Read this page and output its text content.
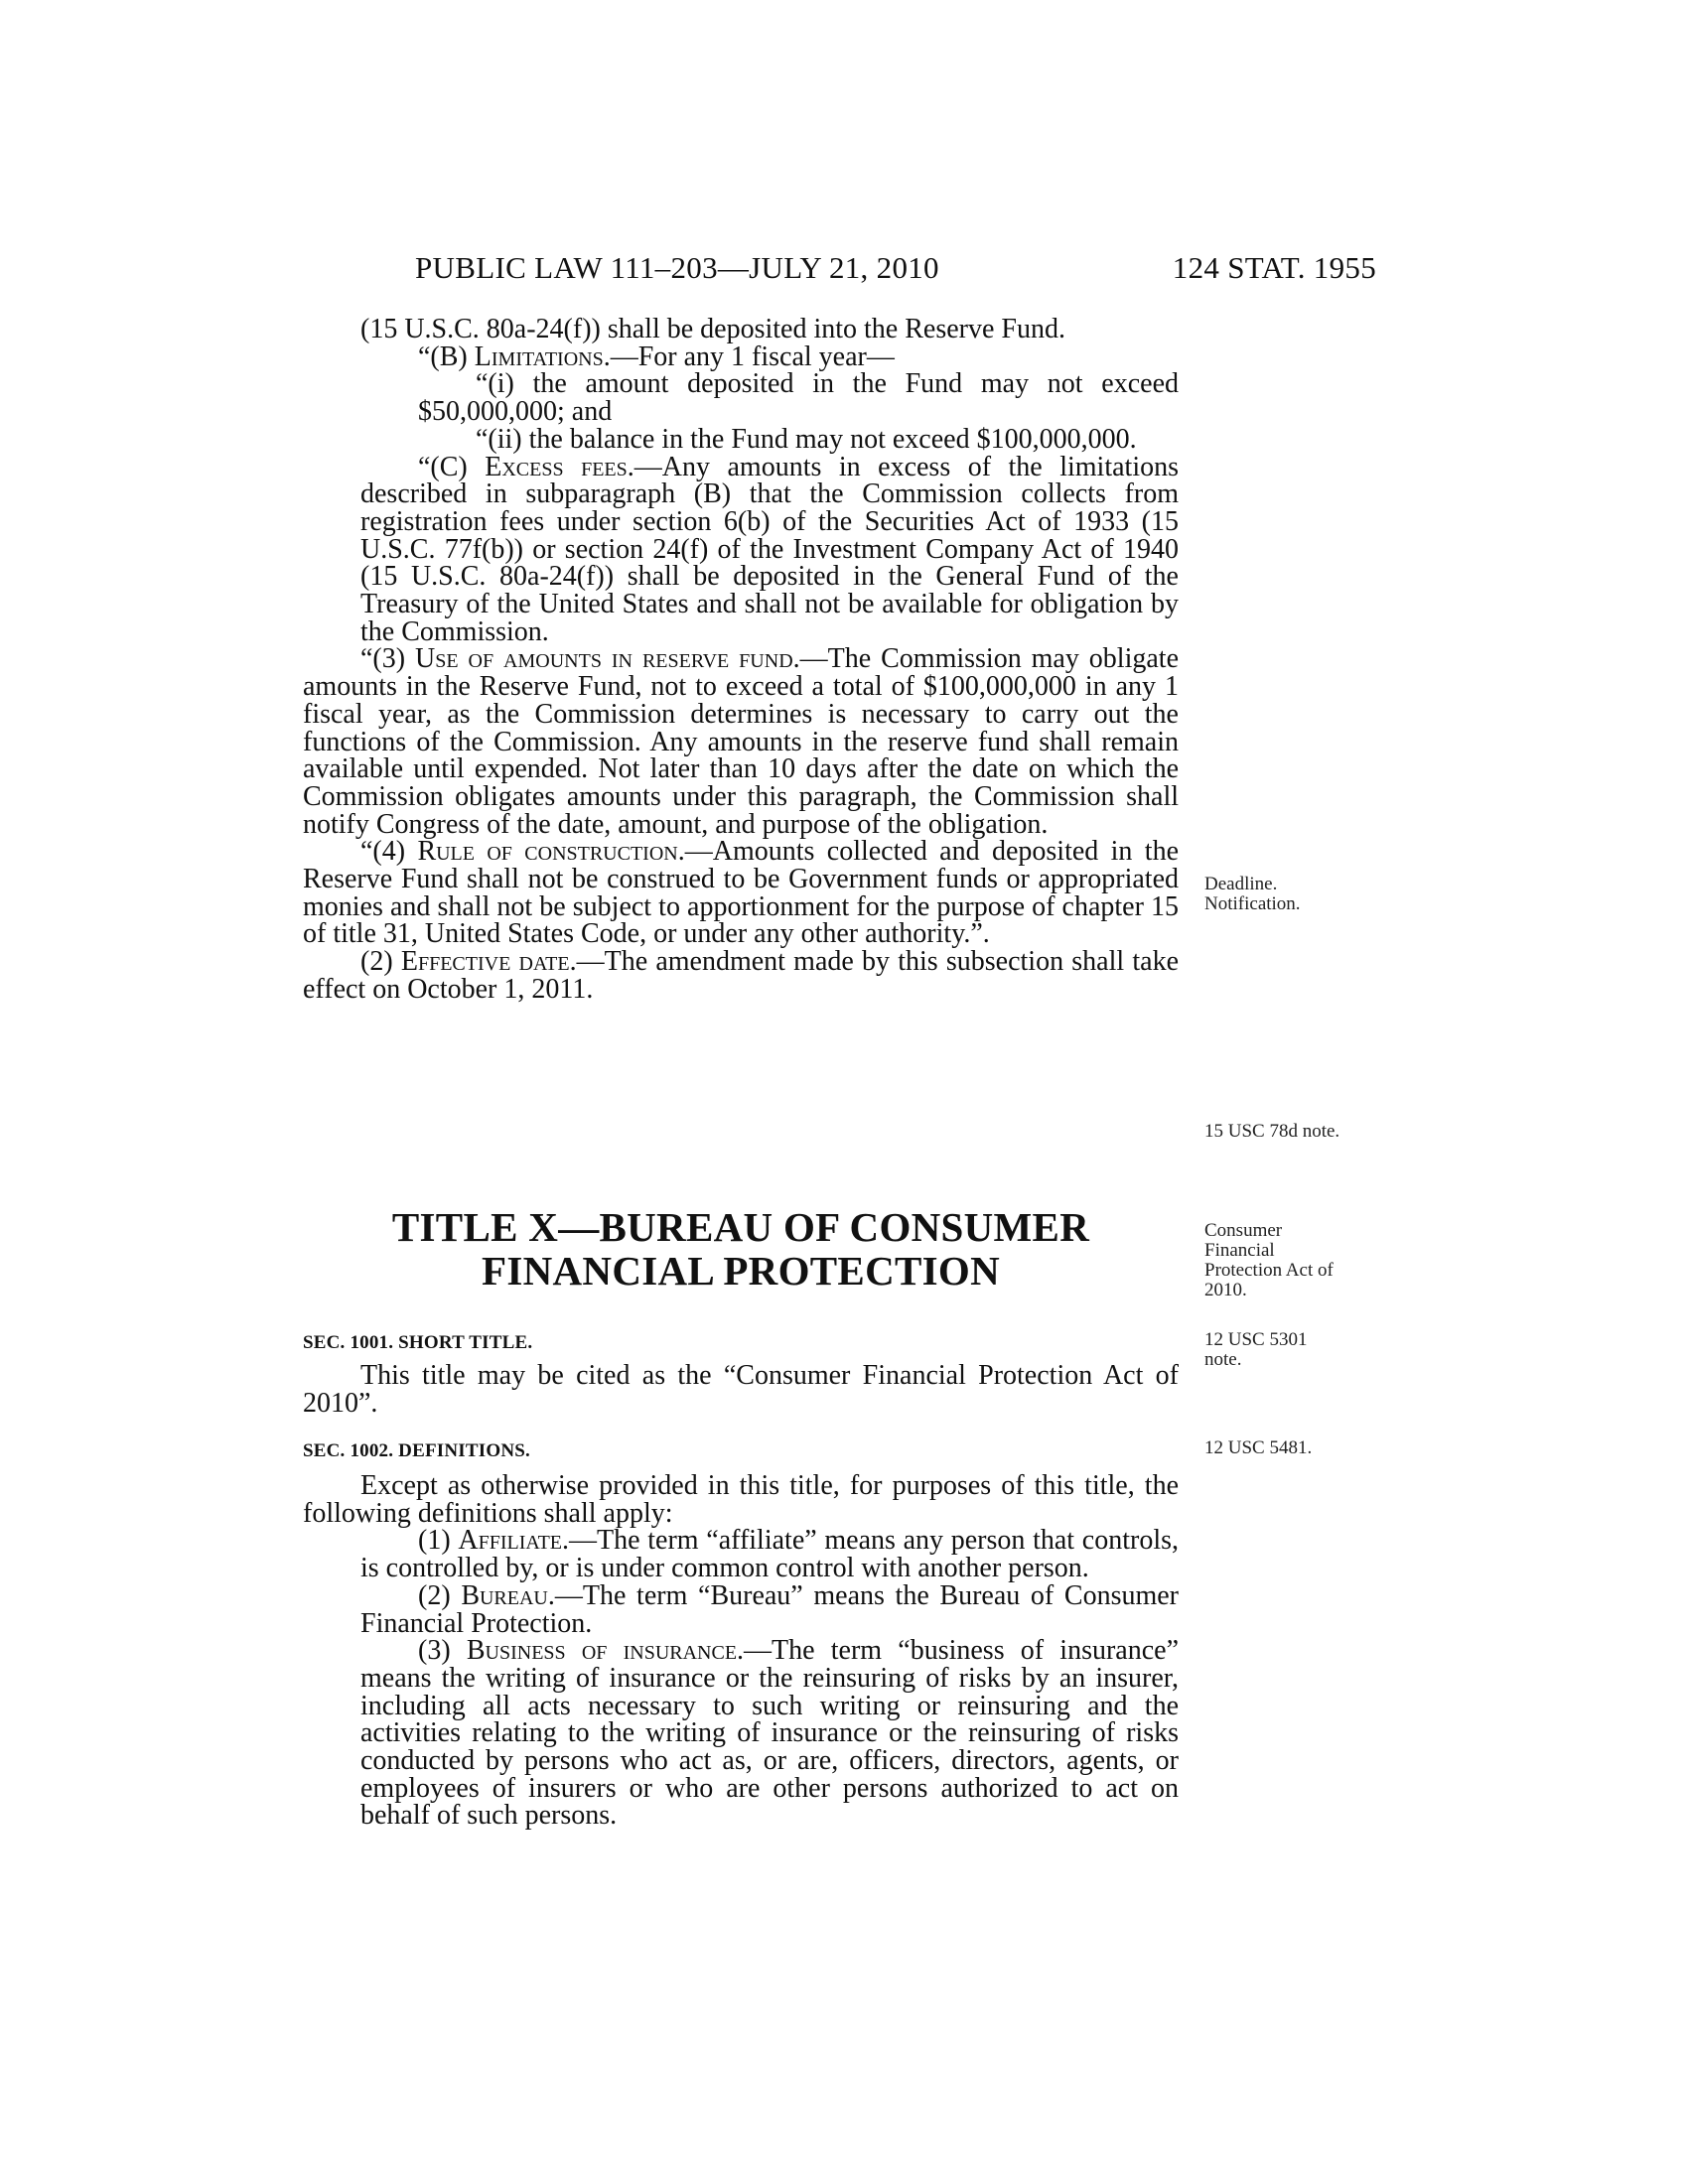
PUBLIC LAW 111–203—JULY 21, 2010	124 STAT. 1955

(15 U.S.C. 80a-24(f)) shall be deposited into the Reserve Fund.

“(B) Limitations.—For any 1 fiscal year—

“(i) the amount deposited in the Fund may not exceed $50,000,000; and

“(ii) the balance in the Fund may not exceed $100,000,000.

“(C) Excess fees.—Any amounts in excess of the limitations described in subparagraph (B) that the Commission collects from registration fees under section 6(b) of the Securities Act of 1933 (15 U.S.C. 77f(b)) or section 24(f) of the Investment Company Act of 1940 (15 U.S.C. 80a-24(f)) shall be deposited in the General Fund of the Treasury of the United States and shall not be available for obligation by the Commission.

“(3) Use of amounts in reserve fund.—The Commission may obligate amounts in the Reserve Fund, not to exceed a total of $100,000,000 in any 1 fiscal year, as the Commission determines is necessary to carry out the functions of the Commission. Any amounts in the reserve fund shall remain available until expended. Not later than 10 days after the date on which the Commission obligates amounts under this paragraph, the Commission shall notify Congress of the date, amount, and purpose of the obligation.

“(4) Rule of construction.—Amounts collected and deposited in the Reserve Fund shall not be construed to be Government funds or appropriated monies and shall not be subject to apportionment for the purpose of chapter 15 of title 31, United States Code, or under any other authority.”.

(2) Effective date.—The amendment made by this subsection shall take effect on October 1, 2011.

TITLE X—BUREAU OF CONSUMER
FINANCIAL PROTECTION
SEC. 1001. SHORT TITLE.

This title may be cited as the “Consumer Financial Protection Act of 2010”.

SEC. 1002. DEFINITIONS.

Except as otherwise provided in this title, for purposes of this title, the following definitions shall apply:

(1) Affiliate.—The term “affiliate” means any person that controls, is controlled by, or is under common control with another person.

(2) Bureau.—The term “Bureau” means the Bureau of Consumer Financial Protection.

(3) Business of insurance.—The term “business of insurance” means the writing of insurance or the reinsuring of risks by an insurer, including all acts necessary to such writing or reinsuring and the activities relating to the writing of insurance or the reinsuring of risks conducted by persons who act as, or are, officers, directors, agents, or employees of insurers or who are other persons authorized to act on behalf of such persons.

Deadline.
Notification.
15 USC 78d note.
Consumer
Financial
Protection Act of
2010.
12 USC 5301
note.
12 USC 5481.
